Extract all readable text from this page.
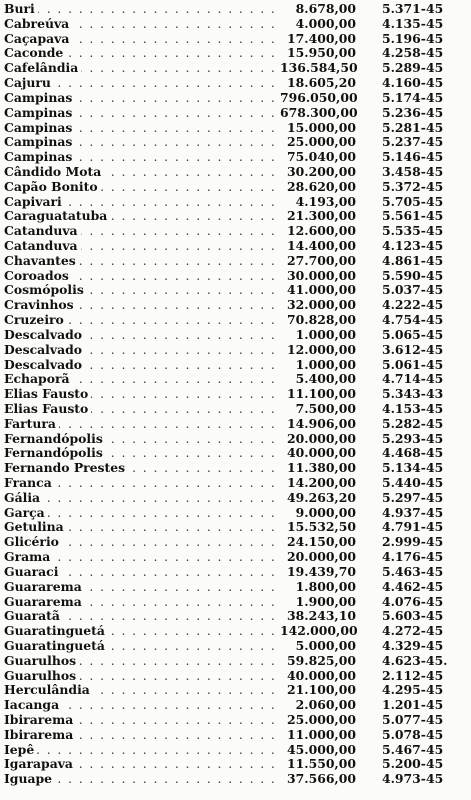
Buri . . .	8.678,00 5.371-45
Cabreúva . . .	4.000,00 4.135-45
Caçapava . . .	17.400,00 5.196-45
Caconde . . .	15.950,00 4.258-45
Cafelândia . . .	136.584,50 5.289-45
Cajuru . . .	18.605,20 4.160-45
Campinas . . .	796.050,00 5.174-45
Campinas . . .	678.300,00 5.236-45
Campinas . . .	15.000,00 5.281-45
Campinas . . .	25.000,00 5.237-45
Campinas . . .	75.040,00 5.146-45
Cândido Mota . . .	30.200,00 3.458-45
Capão Bonito . . .	28.620,00 5.372-45
Capivari . . .	4.193,00 5.705-45
Caraguatatuba . . .	21.300,00 5.561-45
Catanduva . . .	12.600,00 5.535-45
Catanduva . . .	14.400,00 4.123-45
Chavantes . . .	27.700,00 4.861-45
Coroados . . .	30.000,00 5.590-45
Cosmópolis . . .	41.000,00 5.037-45
Cravinhos . . .	32.000,00 4.222-45
Cruzeiro . . .	70.828,00 4.754-45
Descalvado . . .	1.000,00 5.065-45
Descalvado . . .	12.000,00 3.612-45
Descalvado . . .	1.000,00 5.061-45
Echaporã . . .	5.400,00 4.714-45
Elias Fausto . . .	11.100,00 5.343-43
Elias Fausto . . .	7.500,00 4.153-45
Fartura . . .	14.906,00 5.282-45
Fernandópolis . . .	20.000,00 5.293-45
Fernandópolis . . .	40.000,00 4.468-45
Fernando Prestes . . .	11.380,00 5.134-45
Franca . . .	14.200,00 5.440-45
Gália . . .	49.263,20 5.297-45
Garça . . .	9.000,00 4.937-45
Getulina . . .	15.532,50 4.791-45
Glicério . . .	24.150,00 2.999-45
Grama . . .	20.000,00 4.176-45
Guaraci . . .	19.439,70 5.463-45
Guararema . . .	1.800,00 4.462-45
Guararema . . .	1.900,00 4.076-45
Guaratã . . .	38.243,10 5.603-45
Guaratinguetá . . .	142.000,00 4.272-45
Guaratinguetá . . .	5.000,00 4.329-45
Guarulhos . . .	59.825,00 4.623-45.
Guarulhos . . .	40.000,00 2.112-45
Herculândia . . .	21.100,00 4.295-45
Iacanga . . .	2.060,00 1.201-45
Ibirarema . . .	25.000,00 5.077-45
Ibirarema . . .	11.000,00 5.078-45
Iepê . . .	45.000,00 5.467-45
Igarapava . . .	11.550,00 5.200-45
Iguape . . .	37.566,00 4.973-45
